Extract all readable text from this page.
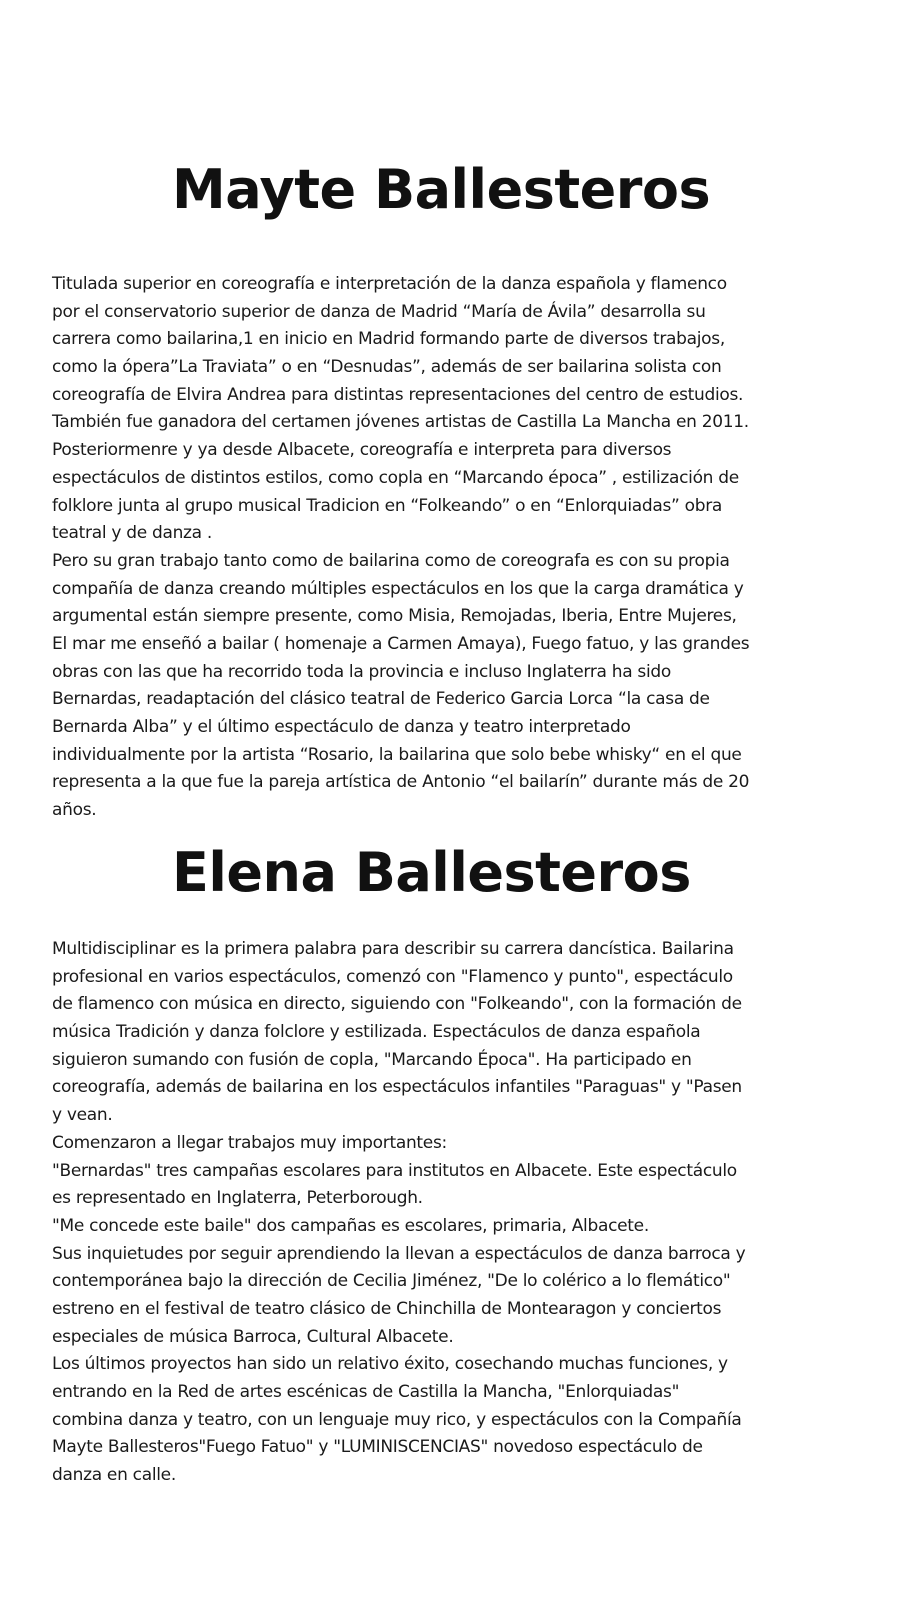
Mayte Ballesteros
Titulada superior en coreografía e interpretación de la danza española y flamenco
por el conservatorio superior de danza de Madrid “María de Ávila” desarrolla su
carrera como bailarina,1 en inicio en Madrid formando parte de diversos trabajos,
como la ópera”La Traviata” o en “Desnudas”, además de ser bailarina solista con
coreografía de Elvira Andrea para distintas representaciones del centro de estudios.
También fue ganadora del certamen jóvenes artistas de Castilla La Mancha en 2011.
Posteriormenre y ya desde Albacete, coreografía e interpreta para diversos
espectáculos de distintos estilos, como copla en “Marcando época” , estilización de
folklore junta al grupo musical Tradicion en “Folkeando” o en “Enlorquiadas” obra
teatral y de danza .
Pero su gran trabajo tanto como de bailarina como de coreografa es con su propia
compañía de danza creando múltiples espectáculos en los que la carga dramática y
argumental están siempre presente, como Misia, Remojadas, Iberia, Entre Mujeres,
El mar me enseñó a bailar ( homenaje a Carmen Amaya), Fuego fatuo, y las grandes
obras con las que ha recorrido toda la provincia e incluso Inglaterra ha sido
Bernardas, readaptación del clásico teatral de Federico Garcia Lorca “la casa de
Bernarda Alba” y el último espectáculo de danza y teatro interpretado
individualmente por la artista “Rosario, la bailarina que solo bebe whisky“ en el que
representa a la que fue la pareja artística de Antonio “el bailarín” durante más de 20
años.
Elena Ballesteros
Multidisciplinar es la primera palabra para describir su carrera dancística. Bailarina
profesional en varios espectáculos, comenzó con "Flamenco y punto", espectáculo
de flamenco con música en directo, siguiendo con "Folkeando", con la formación de
música Tradición y danza folclore y estilizada. Espectáculos de danza española
siguieron sumando con fusión de copla, "Marcando Época". Ha participado en
coreografía, además de bailarina en los espectáculos infantiles "Paraguas" y "Pasen
y vean.
Comenzaron a llegar trabajos muy importantes:
"Bernardas" tres campañas escolares para institutos en Albacete. Este espectáculo
es representado en Inglaterra, Peterborough.
"Me concede este baile" dos campañas es escolares, primaria, Albacete.
Sus inquietudes por seguir aprendiendo la llevan a espectáculos de danza barroca y
contemporánea bajo la dirección de Cecilia Jiménez, "De lo colérico a lo flemático"
estreno en el festival de teatro clásico de Chinchilla de Montearagon y conciertos
especiales de música Barroca, Cultural Albacete.
Los últimos proyectos han sido un relativo éxito, cosechando muchas funciones, y
entrando en la Red de artes escénicas de Castilla la Mancha, "Enlorquiadas"
combina danza y teatro, con un lenguaje muy rico, y espectáculos con la Compañía
Mayte Ballesteros"Fuego Fatuo" y "LUMINISCENCIAS" novedoso espectáculo de
danza en calle.
